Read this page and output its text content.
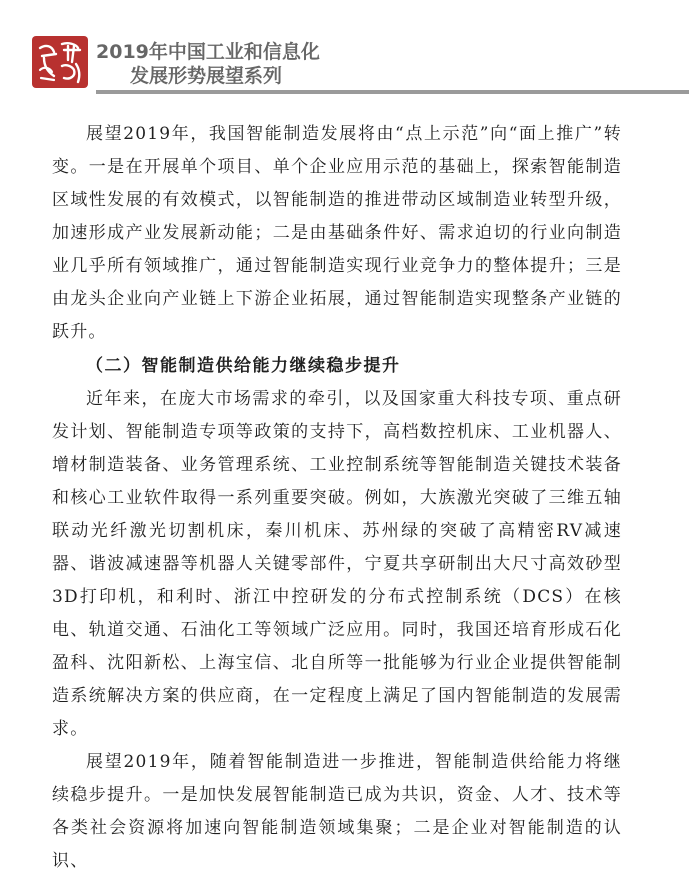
2019年中国工业和信息化
发展形势展望系列

展望2019年，我国智能制造发展将由“点上示范”向“面上推广”转变。一是在开展单个项目、单个企业应用示范的基础上，探索智能制造区域性发展的有效模式，以智能制造的推进带动区域制造业转型升级，加速形成产业发展新动能；二是由基础条件好、需求迫切的行业向制造业几乎所有领域推广，通过智能制造实现行业竞争力的整体提升；三是由龙头企业向产业链上下游企业拓展，通过智能制造实现整条产业链的跃升。

（二）智能制造供给能力继续稳步提升

近年来，在庞大市场需求的牵引，以及国家重大科技专项、重点研发计划、智能制造专项等政策的支持下，高档数控机床、工业机器人、增材制造装备、业务管理系统、工业控制系统等智能制造关键技术装备和核心工业软件取得一系列重要突破。例如，大族激光突破了三维五轴联动光纤激光切割机床，秦川机床、苏州绿的突破了高精密RV减速器、谐波减速器等机器人关键零部件，宁夏共享研制出大尺寸高效砂型3D打印机，和利时、浙江中控研发的分布式控制系统（DCS）在核电、轨道交通、石油化工等领域广泛应用。同时，我国还培育形成石化盈科、沈阳新松、上海宝信、北自所等一批能够为行业企业提供智能制造系统解决方案的供应商，在一定程度上满足了国内智能制造的发展需求。

展望2019年，随着智能制造进一步推进，智能制造供给能力将继续稳步提升。一是加快发展智能制造已成为共识，资金、人才、技术等各类社会资源将加速向智能制造领域集聚；二是企业对智能制造的认识、
